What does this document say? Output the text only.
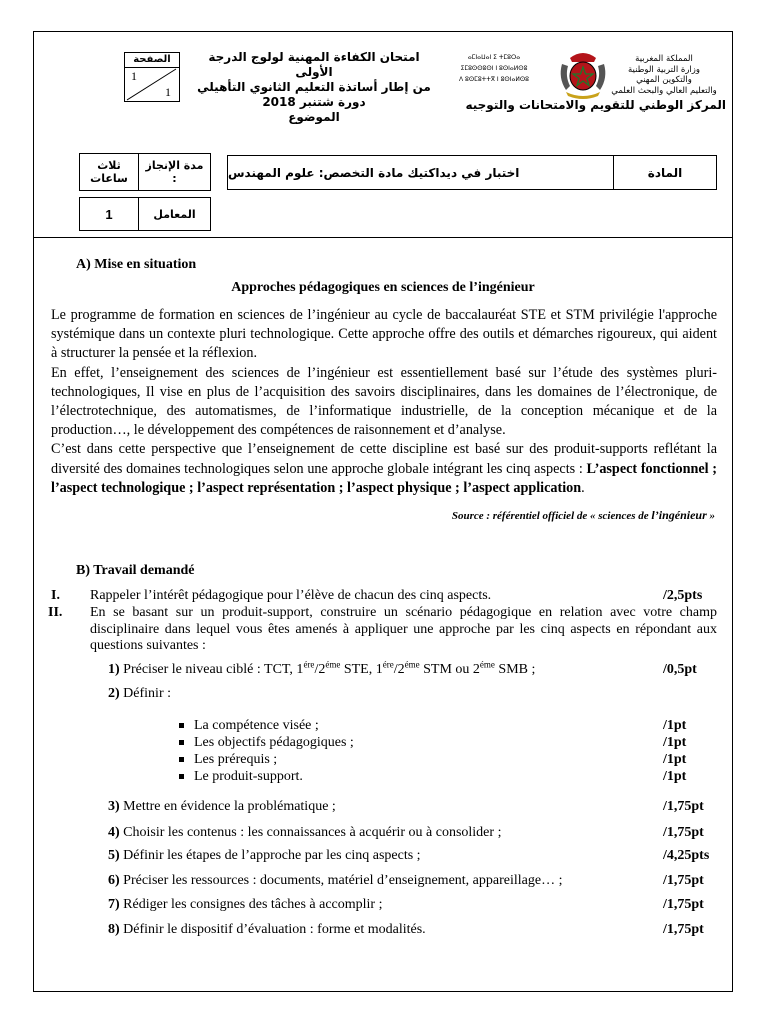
الصفحة
1
1
امتحان الكفاءة المهنية لولوج الدرجة الأولى
من إطار أساتذة التعليم الثانوي التأهيلي
دورة شتنبر 2018
الموضوع
ⴰⵎⵏⴰⵡⴰⵏ ⵉ ⵜⵎⵓⵔⴰ
ⵉⵎⵓⵙⵙⵓⵙⵏ ⵏ ⵓⵙⵏⴰⵍⵙⵓ
ⴷ ⵓⵙⵎⵓⵜⵜⴳ ⵏ ⵓⵙⵏⴰⵍⵙⵓ
المملكة المغربية
وزارة التربية الوطنية
والتكوين المهني
والتعليم العالي والبحث العلمي
المركز الوطني للتقويم والامتحانات والتوجيه
ثلاث ساعات
مدة الإنجاز :
1	المعامل
اختبار في ديداكتيك مادة التخصص: علوم المهندس	المادة
A) Mise en situation
Approches pédagogiques en sciences de l’ingénieur

Le programme de formation en sciences de l’ingénieur au cycle de baccalauréat STE et STM privilégie l'approche systémique dans un contexte pluri technologique. Cette approche offre des outils et démarches rigoureux, qui aident à structurer la pensée et la réflexion.

En effet, l’enseignement des sciences de l’ingénieur est essentiellement basé sur l’étude des systèmes pluri-technologiques, Il vise en plus de l’acquisition des savoirs disciplinaires, dans les domaines de l’électronique, de l’électrotechnique, des automatismes, de l’informatique industrielle, de la conception mécanique et de la production…, le développement des compétences de raisonnement et d’analyse.

C’est dans cette perspective que l’enseignement de cette discipline est basé sur des produit-supports reflétant la diversité des domaines technologiques selon une approche globale intégrant les cinq aspects : L’aspect fonctionnel ; l’aspect technologique ; l’aspect représentation ; l’aspect physique ; l’aspect application.

Source : référentiel officiel de « sciences de l’ingénieur »
B) Travail demandé
I. Rappeler l’intérêt pédagogique pour l’élève de chacun des cinq aspects.	/2,5pts
II. En se basant sur un produit-support, construire un scénario pédagogique en relation avec votre champ disciplinaire dans lequel vous êtes amenés à appliquer une approche par les cinq aspects en répondant aux questions suivantes :
1) Préciser le niveau ciblé : TCT, $1^{ére}/2^{éme}$ STE, $1^{ére}/2^{éme}$ STM ou $2^{éme}$ SMB ;	/0,5pt
2) Définir :
La compétence visée ;	/1pt
Les objectifs pédagogiques ;	/1pt
Les prérequis ;	/1pt
Le produit-support.	/1pt
3) Mettre en évidence la problématique ;	/1,75pt
4) Choisir les contenus : les connaissances à acquérir ou à consolider ;	/1,75pt
5) Définir les étapes de l’approche par les cinq aspects ;	/4,25pts
6) Préciser les ressources : documents, matériel d’enseignement, appareillage… ;	/1,75pt
7) Rédiger les consignes des tâches à accomplir ;	/1,75pt
8) Définir le dispositif d’évaluation : forme et modalités.	/1,75pt
